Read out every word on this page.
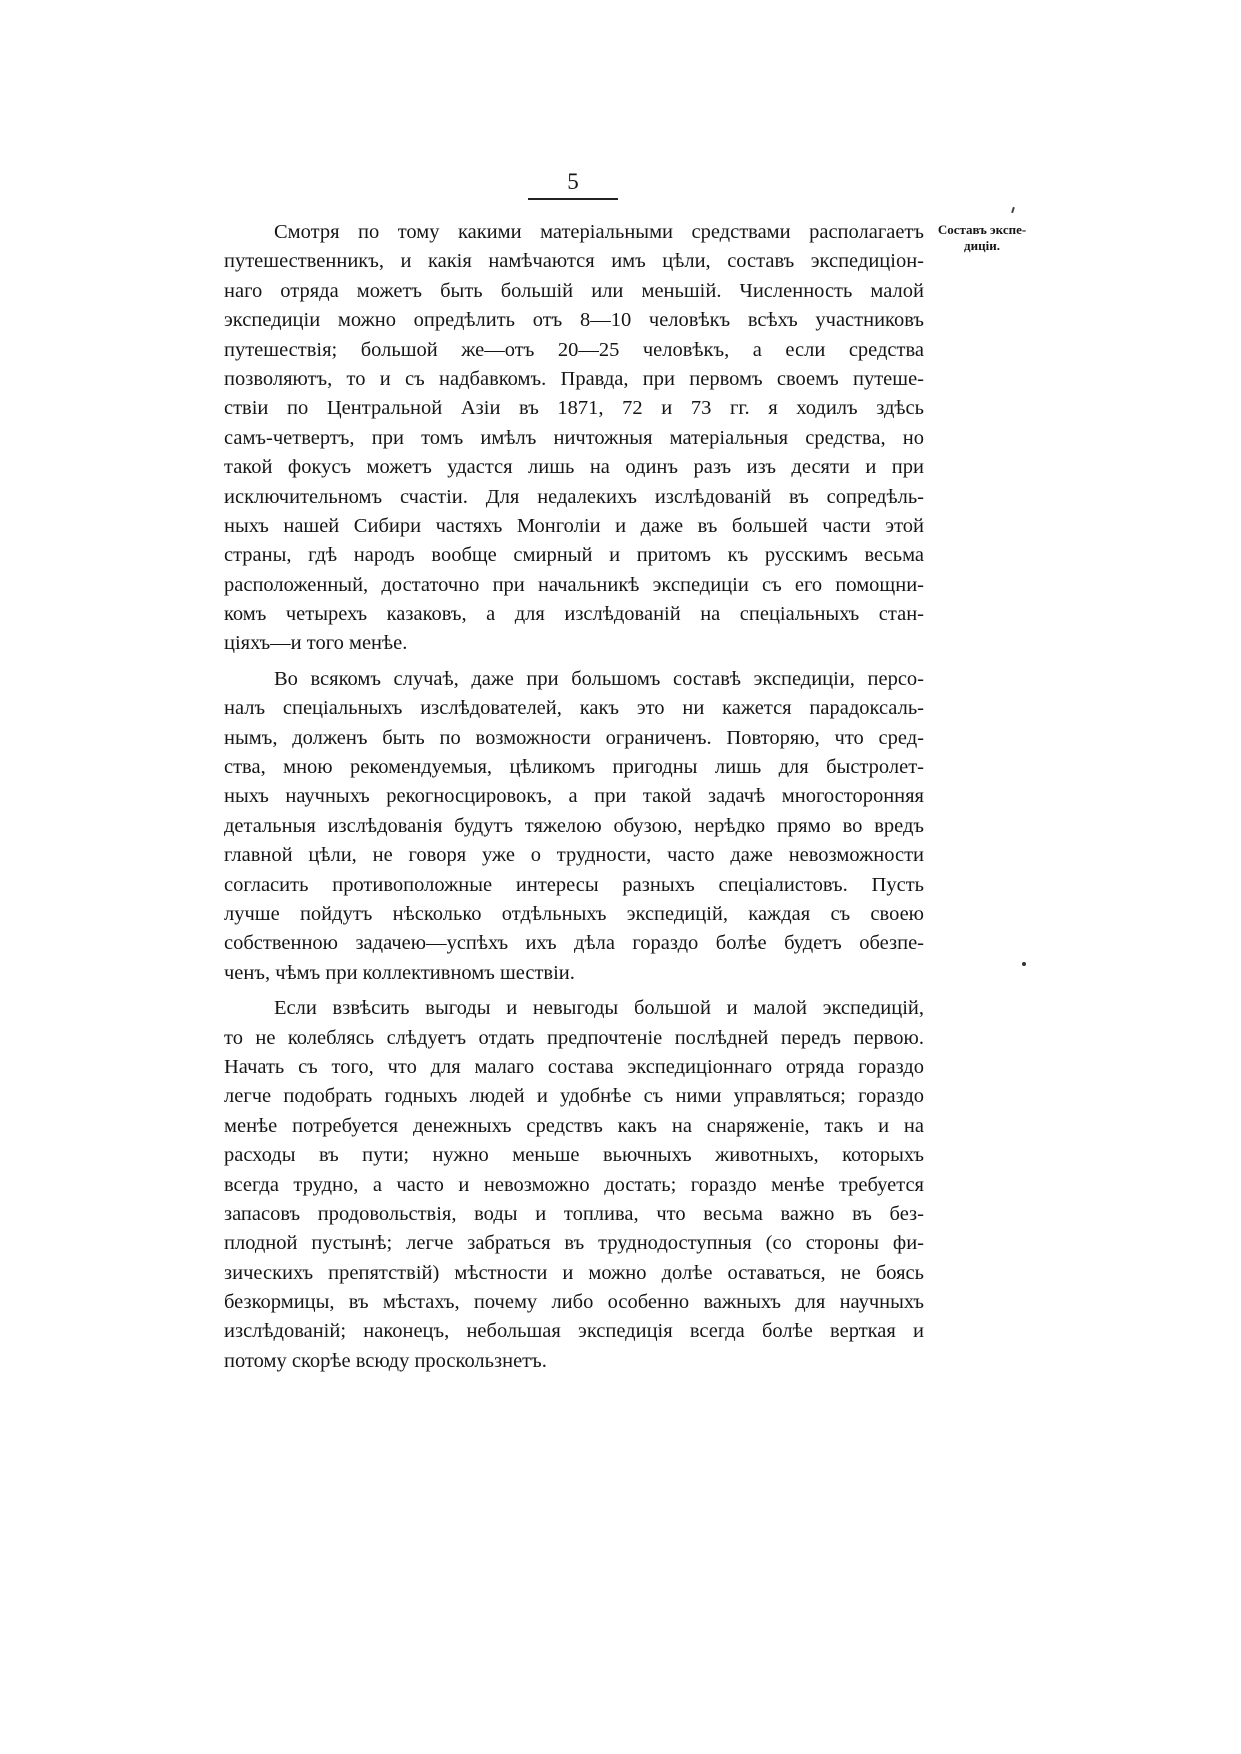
5
Составъ экспе-
диціи.
Смотря по тому какими матеріальными средствами располагаетъ
путешественникъ, и какія намѣчаются имъ цѣли, составъ экспедиціон-
наго отряда можетъ быть большій или меньшій. Численность малой
экспедиціи можно опредѣлить отъ 8—10 человѣкъ всѣхъ участниковъ
путешествія; большой же—отъ 20—25 человѣкъ, а если средства
позволяютъ, то и съ надбавкомъ. Правда, при первомъ своемъ путеше-
ствіи по Центральной Азіи въ 1871, 72 и 73 гг. я ходилъ здѣсь
самъ-четвертъ, при томъ имѣлъ ничтожныя матеріальныя средства, но
такой фокусъ можетъ удастся лишь на одинъ разъ изъ десяти и при
исключительномъ счастіи. Для недалекихъ изслѣдованій въ сопредѣль-
ныхъ нашей Сибири частяхъ Монголіи и даже въ большей части этой
страны, гдѣ народъ вообще смирный и притомъ къ русскимъ весьма
расположенный, достаточно при начальникѣ экспедиціи съ его помощни-
комъ четырехъ казаковъ, а для изслѣдованій на спеціальныхъ стан-
ціяхъ—и того менѣе.
Во всякомъ случаѣ, даже при большомъ составѣ экспедиціи, персо-
налъ спеціальныхъ изслѣдователей, какъ это ни кажется парадоксаль-
нымъ, долженъ быть по возможности ограниченъ. Повторяю, что сред-
ства, мною рекомендуемыя, цѣликомъ пригодны лишь для быстролет-
ныхъ научныхъ рекогносцировокъ, а при такой задачѣ многосторонняя
детальныя изслѣдованія будутъ тяжелою обузою, нерѣдко прямо во вредъ
главной цѣли, не говоря уже о трудности, часто даже невозможности
согласить противоположные интересы разныхъ спеціалистовъ. Пусть
лучше пойдутъ нѣсколько отдѣльныхъ экспедицій, каждая съ своею
собственною задачею—успѣхъ ихъ дѣла гораздо болѣе будетъ обезпе-
ченъ, чѣмъ при коллективномъ шествіи.
Если взвѣсить выгоды и невыгоды большой и малой экспедицій,
то не колеблясь слѣдуетъ отдать предпочтеніе послѣдней передъ первою.
Начать съ того, что для малаго состава экспедиціоннаго отряда гораздо
легче подобрать годныхъ людей и удобнѣе съ ними управляться; гораздо
менѣе потребуется денежныхъ средствъ какъ на снаряженіе, такъ и на
расходы въ пути; нужно меньше вьючныхъ животныхъ, которыхъ
всегда трудно, а часто и невозможно достать; гораздо менѣе требуется
запасовъ продовольствія, воды и топлива, что весьма важно въ без-
плодной пустынѣ; легче забраться въ труднодоступныя (со стороны фи-
зическихъ препятствій) мѣстности и можно долѣе оставаться, не боясь
безкормицы, въ мѣстахъ, почему либо особенно важныхъ для научныхъ
изслѣдованій; наконецъ, небольшая экспедиція всегда болѣе верткая и
потому скорѣе всюду проскользнетъ.
